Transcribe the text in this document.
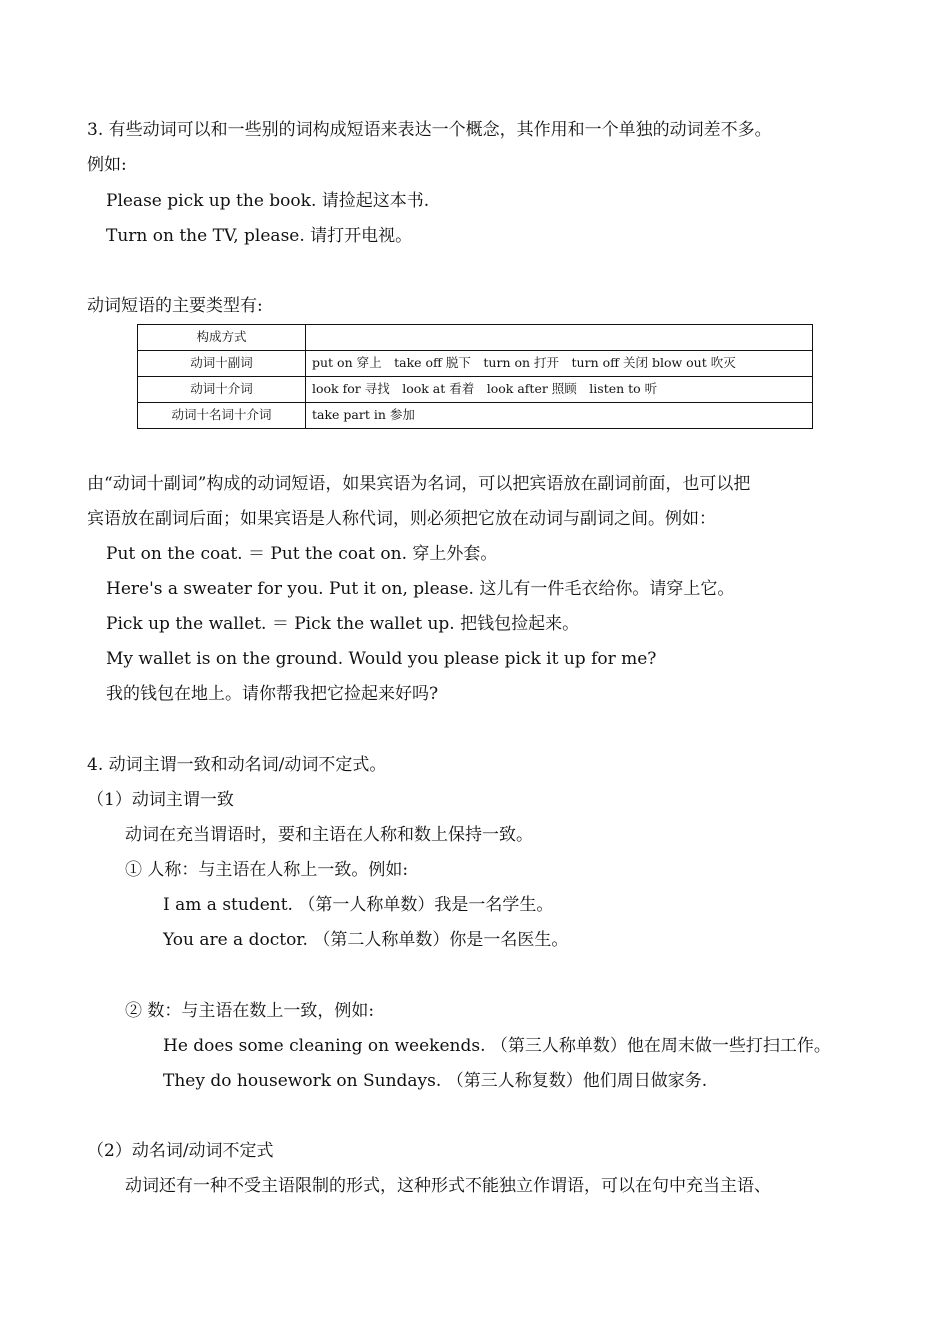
3. 有些动词可以和一些别的词构成短语来表达一个概念，其作用和一个单独的动词差不多。
例如:
Please pick up the book. 请捡起这本书.
Turn on the TV, please. 请打开电视。
动词短语的主要类型有:
构成方式	
动词十副词	put on 穿上　take off 脱下　turn on 打开　turn off 关闭 blow out 吹灭
动词十介词	look for 寻找　look at 看着　look after 照顾　listen to 听
动词十名词十介词	take part in 参加
由“动词十副词”构成的动词短语，如果宾语为名词，可以把宾语放在副词前面，也可以把
宾语放在副词后面；如果宾语是人称代词，则必须把它放在动词与副词之间。例如：
Put on the coat. ＝ Put the coat on. 穿上外套。
Here's a sweater for you. Put it on, please. 这儿有一件毛衣给你。请穿上它。
Pick up the wallet. ＝ Pick the wallet up. 把钱包捡起来。
My wallet is on the ground. Would you please pick it up for me?
我的钱包在地上。请你帮我把它捡起来好吗?
4. 动词主谓一致和动名词/动词不定式。
（1）动词主谓一致
动词在充当谓语时，要和主语在人称和数上保持一致。
① 人称：与主语在人称上一致。例如:
I am a student. （第一人称单数）我是一名学生。
You are a doctor. （第二人称单数）你是一名医生。
② 数：与主语在数上一致，例如:
He does some cleaning on weekends. （第三人称单数）他在周末做一些打扫工作。
They do housework on Sundays. （第三人称复数）他们周日做家务.
（2）动名词/动词不定式
动词还有一种不受主语限制的形式，这种形式不能独立作谓语，可以在句中充当主语、
